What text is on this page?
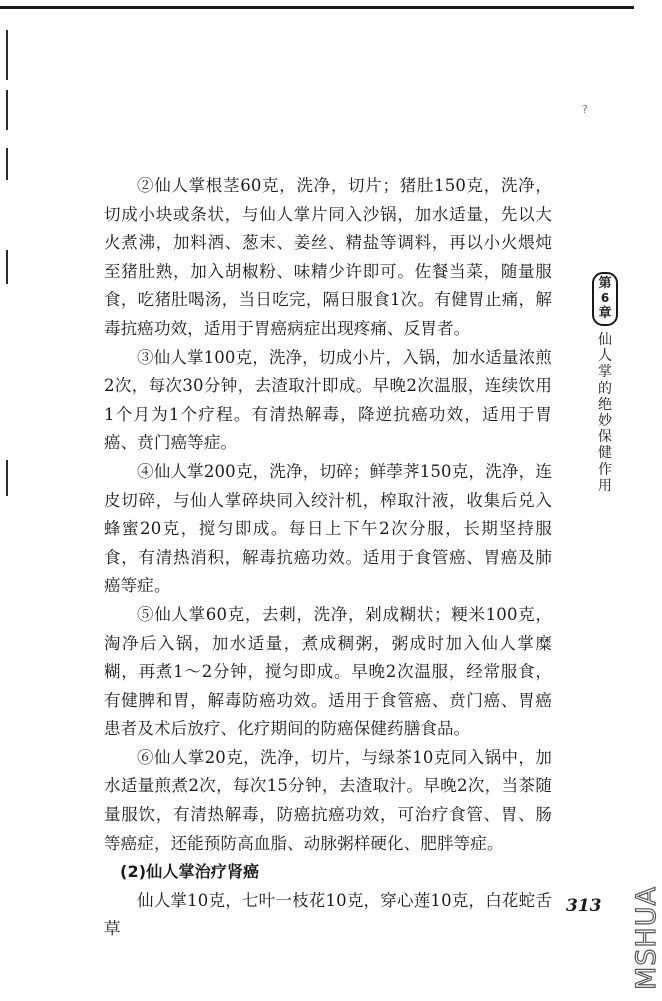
?

②仙人掌根茎60克，洗净，切片；猪肚150克，洗净，切成小块或条状，与仙人掌片同入沙锅，加水适量，先以大火煮沸，加料酒、葱末、姜丝、精盐等调料，再以小火煨炖至猪肚熟，加入胡椒粉、味精少许即可。佐餐当菜，随量服食，吃猪肚喝汤，当日吃完，隔日服食1次。有健胃止痛，解毒抗癌功效，适用于胃癌病症出现疼痛、反胃者。

③仙人掌100克，洗净，切成小片，入锅，加水适量浓煎2次，每次30分钟，去渣取汁即成。早晚2次温服，连续饮用1个月为1个疗程。有清热解毒，降逆抗癌功效，适用于胃癌、贲门癌等症。

④仙人掌200克，洗净，切碎；鲜荸荠150克，洗净，连皮切碎，与仙人掌碎块同入绞汁机，榨取汁液，收集后兑入蜂蜜20克，搅匀即成。每日上下午2次分服，长期坚持服食，有清热消积，解毒抗癌功效。适用于食管癌、胃癌及肺癌等症。

⑤仙人掌60克，去刺，洗净，剁成糊状；粳米100克，淘净后入锅，加水适量，煮成稠粥，粥成时加入仙人掌糜糊，再煮1～2分钟，搅匀即成。早晚2次温服，经常服食，有健脾和胃，解毒防癌功效。适用于食管癌、贲门癌、胃癌患者及术后放疗、化疗期间的防癌保健药膳食品。

⑥仙人掌20克，洗净，切片，与绿茶10克同入锅中，加水适量煎煮2次，每次15分钟，去渣取汁。早晚2次，当茶随量服饮，有清热解毒，防癌抗癌功效，可治疗食管、胃、肠等癌症，还能预防高血脂、动脉粥样硬化、肥胖等症。

(2)仙人掌治疗肾癌

仙人掌10克，七叶一枝花10克，穿心莲10克，白花蛇舌草

第
6
章
仙人掌的绝妙保健作用
313 MSHUA
